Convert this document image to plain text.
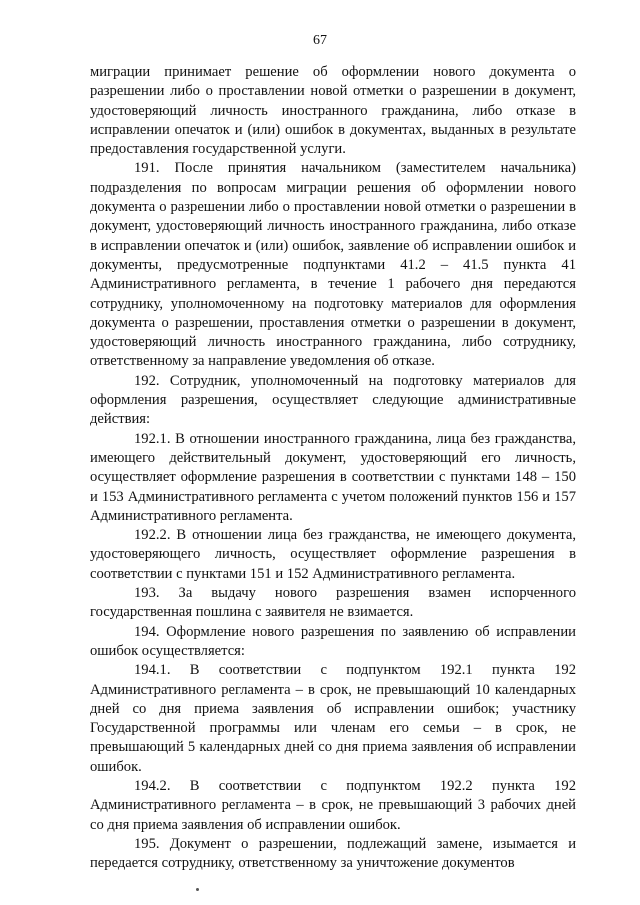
67

миграции принимает решение об оформлении нового документа о разрешении либо о проставлении новой отметки о разрешении в документ, удостоверяющий личность иностранного гражданина, либо отказе в исправлении опечаток и (или) ошибок в документах, выданных в результате предоставления государственной услуги.

191. После принятия начальником (заместителем начальника) подразделения по вопросам миграции решения об оформлении нового документа о разрешении либо о проставлении новой отметки о разрешении в документ, удостоверяющий личность иностранного гражданина, либо отказе в исправлении опечаток и (или) ошибок, заявление об исправлении ошибок и документы, предусмотренные подпунктами 41.2 – 41.5 пункта 41 Административного регламента, в течение 1 рабочего дня передаются сотруднику, уполномоченному на подготовку материалов для оформления документа о разрешении, проставления отметки о разрешении в документ, удостоверяющий личность иностранного гражданина, либо сотруднику, ответственному за направление уведомления об отказе.

192. Сотрудник, уполномоченный на подготовку материалов для оформления разрешения, осуществляет следующие административные действия:

192.1. В отношении иностранного гражданина, лица без гражданства, имеющего действительный документ, удостоверяющий его личность, осуществляет оформление разрешения в соответствии с пунктами 148 – 150 и 153 Административного регламента с учетом положений пунктов 156 и 157 Административного регламента.

192.2. В отношении лица без гражданства, не имеющего документа, удостоверяющего личность, осуществляет оформление разрешения в соответствии с пунктами 151 и 152 Административного регламента.

193. За выдачу нового разрешения взамен испорченного государственная пошлина с заявителя не взимается.

194. Оформление нового разрешения по заявлению об исправлении ошибок осуществляется:

194.1. В соответствии с подпунктом 192.1 пункта 192 Административного регламента – в срок, не превышающий 10 календарных дней со дня приема заявления об исправлении ошибок; участнику Государственной программы или членам его семьи – в срок, не превышающий 5 календарных дней со дня приема заявления об исправлении ошибок.

194.2. В соответствии с подпунктом 192.2 пункта 192 Административного регламента – в срок, не превышающий 3 рабочих дней со дня приема заявления об исправлении ошибок.

195. Документ о разрешении, подлежащий замене, изымается и передается сотруднику, ответственному за уничтожение документов
